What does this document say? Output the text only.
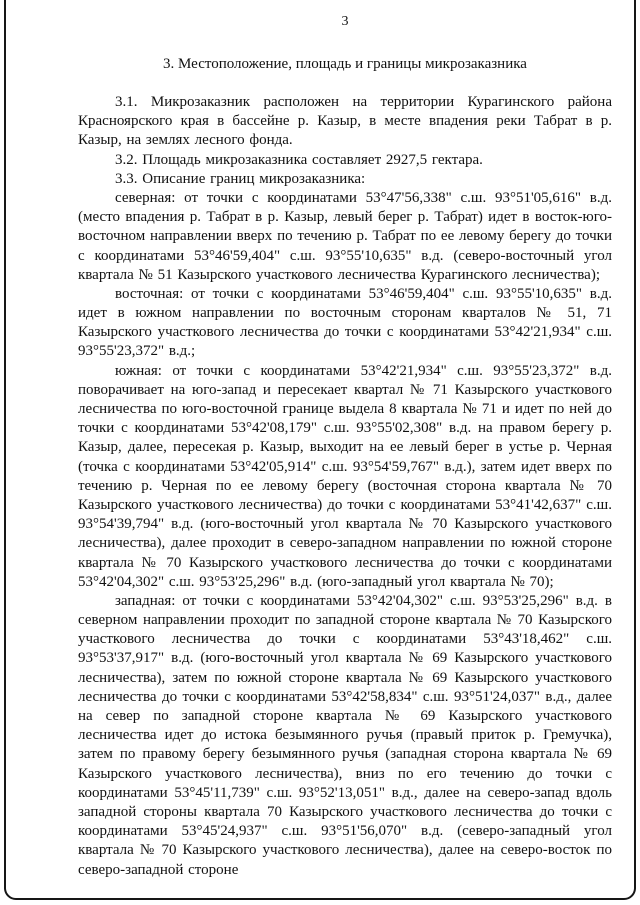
3
3. Местоположение, площадь и границы микрозаказника

3.1. Микрозаказник расположен на территории Курагинского района Красноярского края в бассейне р. Казыр, в месте впадения реки Табрат в р. Казыр, на землях лесного фонда.

3.2. Площадь микрозаказника составляет 2927,5 гектара.

3.3. Описание границ микрозаказника:

северная: от точки с координатами 53°47'56,338" с.ш. 93°51'05,616" в.д. (место впадения р. Табрат в р. Казыр, левый берег р. Табрат) идет в восток-юго-восточном направлении вверх по течению р. Табрат по ее левому берегу до точки с координатами 53°46'59,404" с.ш. 93°55'10,635" в.д. (северо-восточный угол квартала № 51 Казырского участкового лесничества Курагинского лесничества);

восточная: от точки с координатами 53°46'59,404" с.ш. 93°55'10,635" в.д. идет в южном направлении по восточным сторонам кварталов № 51, 71 Казырского участкового лесничества до точки с координатами 53°42'21,934" с.ш. 93°55'23,372" в.д.;

южная: от точки с координатами 53°42'21,934" с.ш. 93°55'23,372" в.д. поворачивает на юго-запад и пересекает квартал № 71 Казырского участкового лесничества по юго-восточной границе выдела 8 квартала № 71 и идет по ней до точки с координатами 53°42'08,179" с.ш. 93°55'02,308" в.д. на правом берегу р. Казыр, далее, пересекая р. Казыр, выходит на ее левый берег в устье р. Черная (точка с координатами 53°42'05,914" с.ш. 93°54'59,767" в.д.), затем идет вверх по течению р. Черная по ее левому берегу (восточная сторона квартала № 70 Казырского участкового лесничества) до точки с координатами 53°41'42,637" с.ш. 93°54'39,794" в.д. (юго-восточный угол квартала № 70 Казырского участкового лесничества), далее проходит в северо-западном направлении по южной стороне квартала № 70 Казырского участкового лесничества до точки с координатами 53°42'04,302" с.ш. 93°53'25,296" в.д. (юго-западный угол квартала № 70);

западная: от точки с координатами 53°42'04,302" с.ш. 93°53'25,296" в.д. в северном направлении проходит по западной стороне квартала № 70 Казырского участкового лесничества до точки с координатами 53°43'18,462" с.ш. 93°53'37,917" в.д. (юго-восточный угол квартала № 69 Казырского участкового лесничества), затем по южной стороне квартала № 69 Казырского участкового лесничества до точки с координатами 53°42'58,834" с.ш. 93°51'24,037" в.д., далее на север по западной стороне квартала № 69 Казырского участкового лесничества идет до истока безымянного ручья (правый приток р. Гремучка), затем по правому берегу безымянного ручья (западная сторона квартала № 69 Казырского участкового лесничества), вниз по его течению до точки с координатами 53°45'11,739" с.ш. 93°52'13,051" в.д., далее на северо-запад вдоль западной стороны квартала 70 Казырского участкового лесничества до точки с координатами 53°45'24,937" с.ш. 93°51'56,070" в.д. (северо-западный угол квартала № 70 Казырского участкового лесничества), далее на северо-восток по северо-западной стороне
